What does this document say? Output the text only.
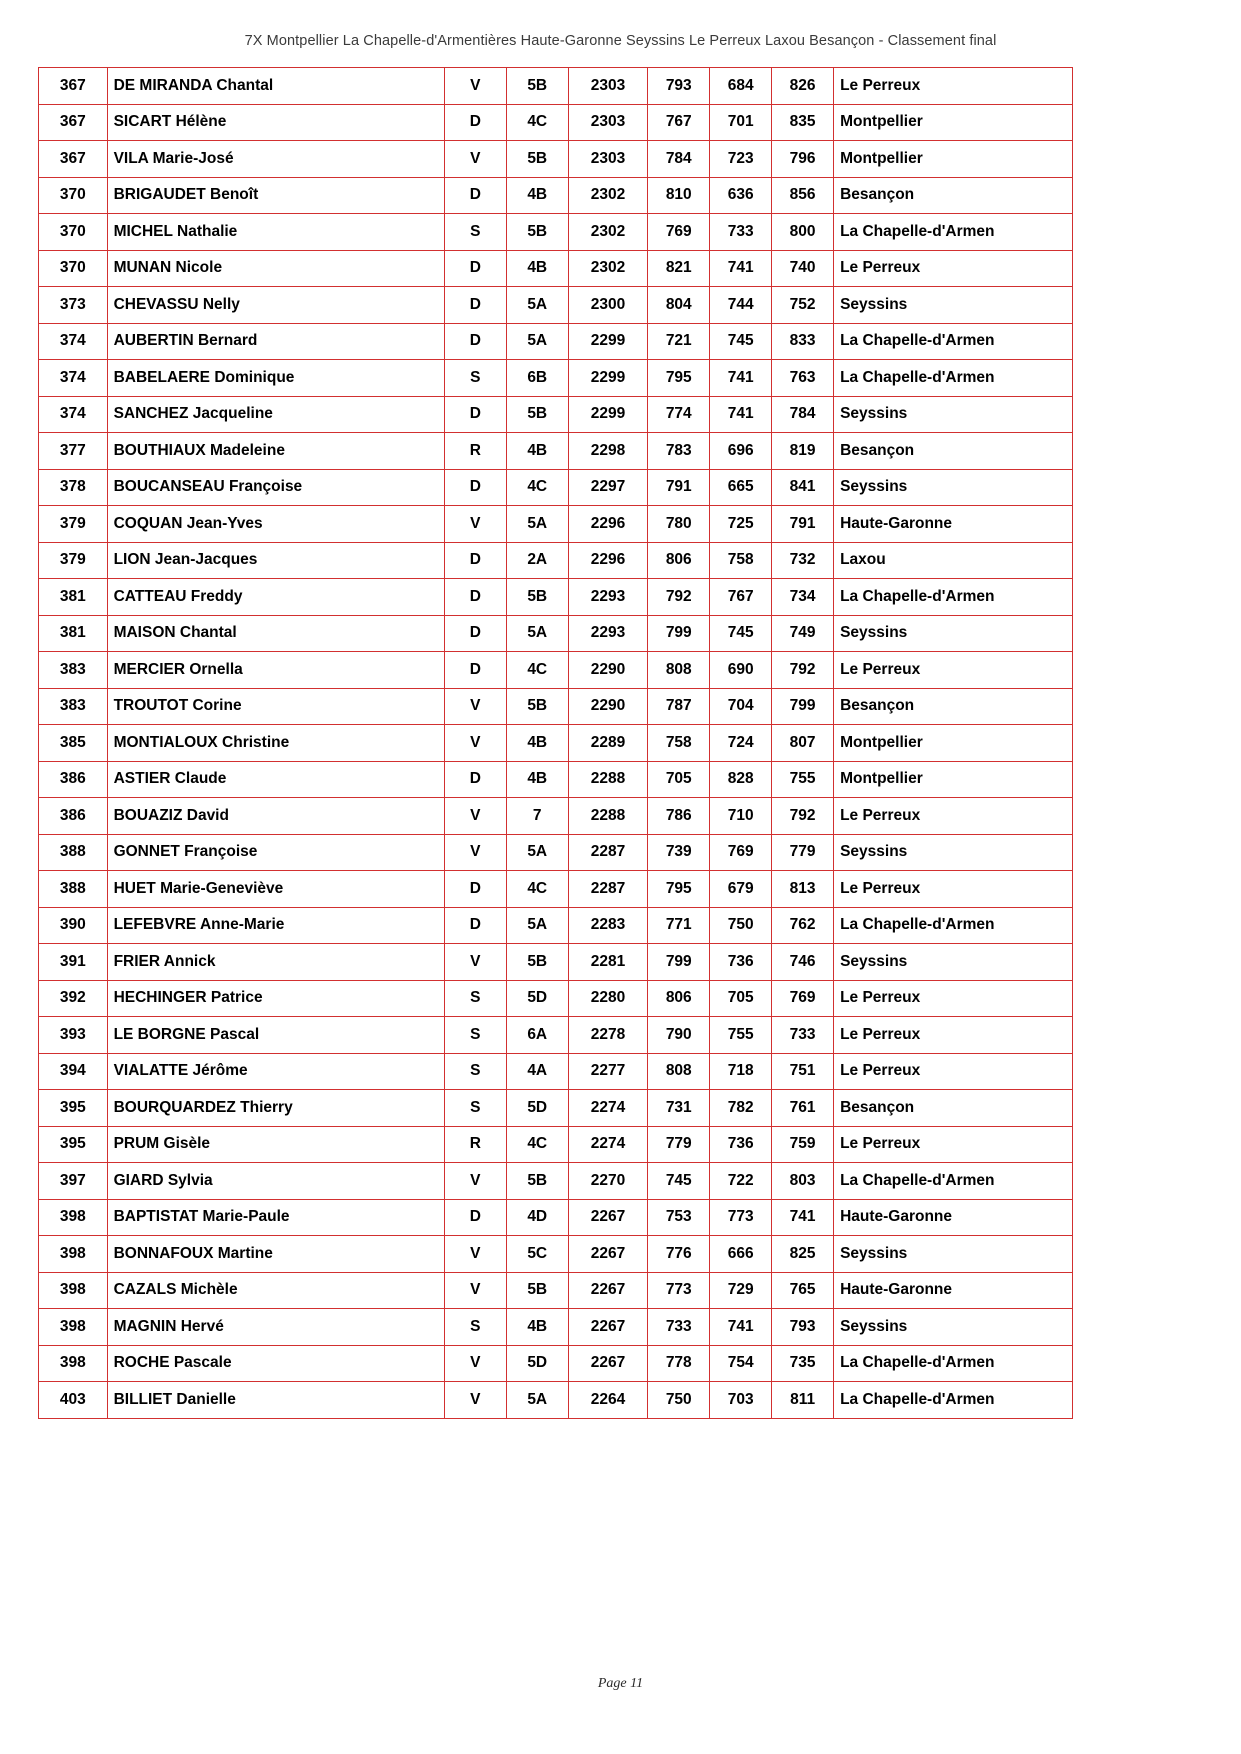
7X Montpellier La Chapelle-d'Armentières Haute-Garonne Seyssins Le Perreux Laxou Besançon - Classement final
367	DE MIRANDA Chantal	V	5B	2303	793	684	826	Le Perreux
367	SICART Hélène	D	4C	2303	767	701	835	Montpellier
367	VILA Marie-José	V	5B	2303	784	723	796	Montpellier
370	BRIGAUDET Benoît	D	4B	2302	810	636	856	Besançon
370	MICHEL Nathalie	S	5B	2302	769	733	800	La Chapelle-d'Armen
370	MUNAN Nicole	D	4B	2302	821	741	740	Le Perreux
373	CHEVASSU Nelly	D	5A	2300	804	744	752	Seyssins
374	AUBERTIN Bernard	D	5A	2299	721	745	833	La Chapelle-d'Armen
374	BABELAERE Dominique	S	6B	2299	795	741	763	La Chapelle-d'Armen
374	SANCHEZ Jacqueline	D	5B	2299	774	741	784	Seyssins
377	BOUTHIAUX Madeleine	R	4B	2298	783	696	819	Besançon
378	BOUCANSEAU Françoise	D	4C	2297	791	665	841	Seyssins
379	COQUAN Jean-Yves	V	5A	2296	780	725	791	Haute-Garonne
379	LION Jean-Jacques	D	2A	2296	806	758	732	Laxou
381	CATTEAU Freddy	D	5B	2293	792	767	734	La Chapelle-d'Armen
381	MAISON Chantal	D	5A	2293	799	745	749	Seyssins
383	MERCIER Ornella	D	4C	2290	808	690	792	Le Perreux
383	TROUTOT Corine	V	5B	2290	787	704	799	Besançon
385	MONTIALOUX Christine	V	4B	2289	758	724	807	Montpellier
386	ASTIER Claude	D	4B	2288	705	828	755	Montpellier
386	BOUAZIZ David	V	7	2288	786	710	792	Le Perreux
388	GONNET Françoise	V	5A	2287	739	769	779	Seyssins
388	HUET Marie-Geneviève	D	4C	2287	795	679	813	Le Perreux
390	LEFEBVRE Anne-Marie	D	5A	2283	771	750	762	La Chapelle-d'Armen
391	FRIER Annick	V	5B	2281	799	736	746	Seyssins
392	HECHINGER Patrice	S	5D	2280	806	705	769	Le Perreux
393	LE BORGNE Pascal	S	6A	2278	790	755	733	Le Perreux
394	VIALATTE Jérôme	S	4A	2277	808	718	751	Le Perreux
395	BOURQUARDEZ Thierry	S	5D	2274	731	782	761	Besançon
395	PRUM Gisèle	R	4C	2274	779	736	759	Le Perreux
397	GIARD Sylvia	V	5B	2270	745	722	803	La Chapelle-d'Armen
398	BAPTISTAT Marie-Paule	D	4D	2267	753	773	741	Haute-Garonne
398	BONNAFOUX Martine	V	5C	2267	776	666	825	Seyssins
398	CAZALS Michèle	V	5B	2267	773	729	765	Haute-Garonne
398	MAGNIN Hervé	S	4B	2267	733	741	793	Seyssins
398	ROCHE Pascale	V	5D	2267	778	754	735	La Chapelle-d'Armen
403	BILLIET Danielle	V	5A	2264	750	703	811	La Chapelle-d'Armen
Page 11
